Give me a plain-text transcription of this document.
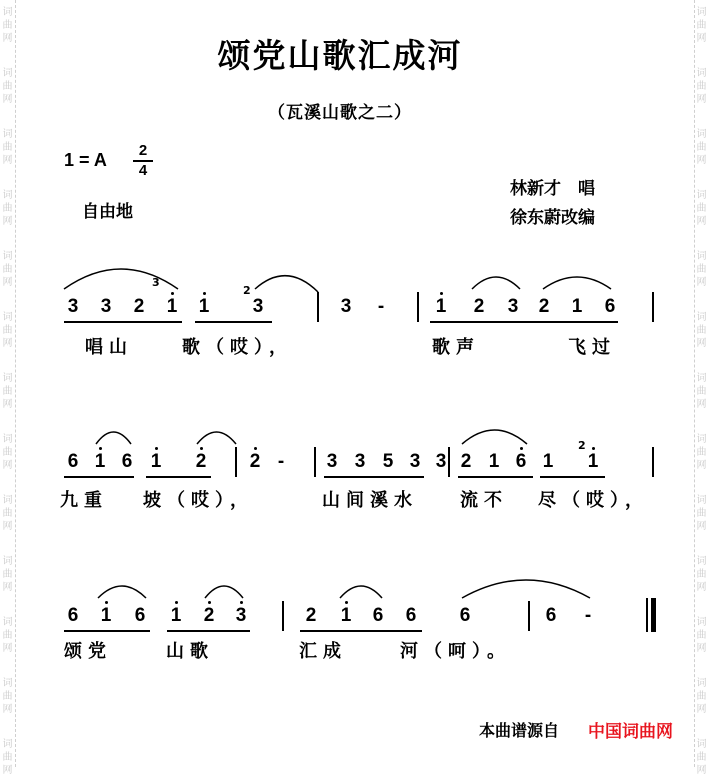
词
曲
网
词
曲
网
词
曲
网
词
曲
网
词
曲
网
词
曲
网
词
曲
网
词
曲
网
词
曲
网
词
曲
网
词
曲
网
词
曲
网
词
曲
网
词
曲
网
词
曲
网
词
曲
网
词
曲
网
词
曲
网
词
曲
网
词
曲
网
词
曲
网
词
曲
网
词
曲
网
词
曲
网
词
曲
网
词
曲
网
颂党山歌汇成河
（瓦溪山歌之二）
1 = A	2
4
自由地
林新才　唱
徐东蔚改编
3 3 2 1 1 3	3 -	1 2 3 2 1 6
唱山	歌（哎），	歌声	飞过
3
2
6 1 6 1 2 2 - 3 3 5 3 3 2 1 6 1 1
九重 坡（哎），	山间溪水 流不 尽（哎），
2
6 1 6 1 2 3	2 1 6 6 6	6 -
颂党	山歌	汇成	河（呵）。
本曲谱源自 中国词曲网
